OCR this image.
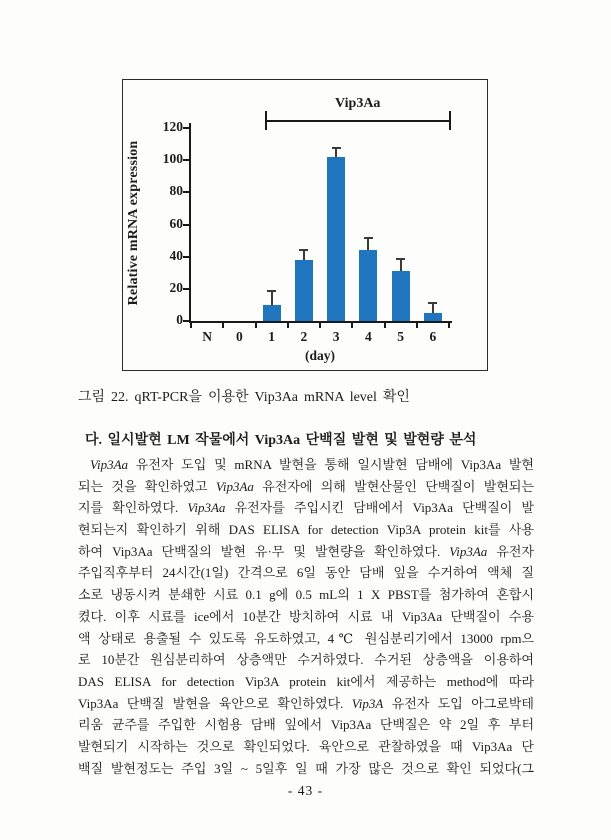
Relative mRNA expression
(day)
0
20
40
60
80
100
120
N	0	1	2	3	4	5	6
Vip3Aa
그림 22. qRT-PCR을 이용한 Vip3Aa mRNA level 확인
다. 일시발현 LM 작물에서 Vip3Aa 단백질 발현 및 발현량 분석
Vip3Aa 유전자 도입 및 mRNA 발현을 통해 일시발현 담배에 Vip3Aa 발현
되는 것을 확인하였고 Vip3Aa 유전자에 의해 발현산물인 단백질이 발현되는
지를 확인하였다. Vip3Aa 유전자를 주입시킨 담배에서 Vip3Aa 단백질이 발
현되는지 확인하기 위해 DAS ELISA for detection Vip3A protein kit를 사용
하여 Vip3Aa 단백질의 발현 유·무 및 발현량을 확인하였다. Vip3Aa 유전자
주입직후부터 24시간(1일) 간격으로 6일 동안 담배 잎을 수거하여 액체 질
소로 냉동시켜 분쇄한 시료 0.1 g에 0.5 mL의 1 X PBST를 첨가하여 혼합시
켰다. 이후 시료를 ice에서 10분간 방치하여 시료 내 Vip3Aa 단백질이 수용
액 상태로 용출될 수 있도록 유도하였고, 4℃ 원심분리기에서 13000 rpm으
로 10분간 원심분리하여 상층액만 수거하였다. 수거된 상층액을 이용하여
DAS ELISA for detection Vip3A protein kit에서 제공하는 method에 따라
Vip3Aa 단백질 발현을 육안으로 확인하였다. Vip3A 유전자 도입 아그로박테
리움 균주를 주입한 시험용 담배 잎에서 Vip3Aa 단백질은 약 2일 후 부터
발현되기 시작하는 것으로 확인되었다. 육안으로 관찰하였을 때 Vip3Aa 단
백질 발현정도는 주입 3일 ~ 5일후 일 때 가장 많은 것으로 확인 되었다(그
- 43 -
